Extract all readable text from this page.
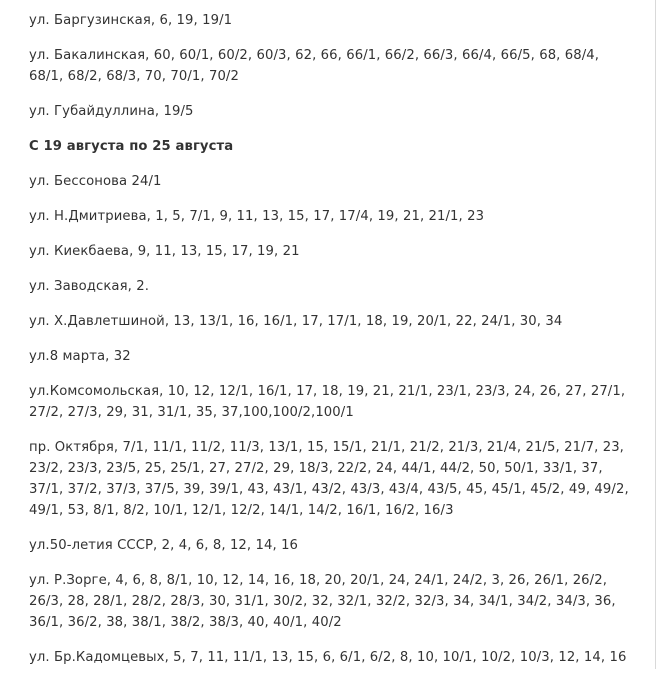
ул. Баргузинская, 6, 19, 19/1

ул. Бакалинская, 60, 60/1, 60/2, 60/3, 62, 66, 66/1, 66/2, 66/3, 66/4, 66/5, 68, 68/4, 68/1, 68/2, 68/3, 70, 70/1, 70/2

ул. Губайдуллина, 19/5

С 19 августа по 25 августа

ул. Бессонова 24/1

ул. Н.Дмитриева, 1, 5, 7/1, 9, 11, 13, 15, 17, 17/4, 19, 21, 21/1, 23

ул. Киекбаева, 9, 11, 13, 15, 17, 19, 21

ул. Заводская, 2.

ул. Х.Давлетшиной, 13, 13/1, 16, 16/1, 17, 17/1, 18, 19, 20/1, 22, 24/1, 30, 34

ул.8 марта, 32

ул.Комсомольская, 10, 12, 12/1, 16/1, 17, 18, 19, 21, 21/1, 23/1, 23/3, 24, 26, 27, 27/1, 27/2, 27/3, 29, 31, 31/1, 35, 37,100,100/2,100/1

пр. Октября, 7/1, 11/1, 11/2, 11/3, 13/1, 15, 15/1, 21/1, 21/2, 21/3, 21/4, 21/5, 21/7, 23, 23/2, 23/3, 23/5, 25, 25/1, 27, 27/2, 29, 18/3, 22/2, 24, 44/1, 44/2, 50, 50/1, 33/1, 37, 37/1, 37/2, 37/3, 37/5, 39, 39/1, 43, 43/1, 43/2, 43/3, 43/4, 43/5, 45, 45/1, 45/2, 49, 49/2, 49/1, 53, 8/1, 8/2, 10/1, 12/1, 12/2, 14/1, 14/2, 16/1, 16/2, 16/3

ул.50-летия СССР, 2, 4, 6, 8, 12, 14, 16

ул. Р.Зорге, 4, 6, 8, 8/1, 10, 12, 14, 16, 18, 20, 20/1, 24, 24/1, 24/2, 3, 26, 26/1, 26/2, 26/3, 28, 28/1, 28/2, 28/3, 30, 31/1, 30/2, 32, 32/1, 32/2, 32/3, 34, 34/1, 34/2, 34/3, 36, 36/1, 36/2, 38, 38/1, 38/2, 38/3, 40, 40/1, 40/2

ул. Бр.Кадомцевых, 5, 7, 11, 11/1, 13, 15, 6, 6/1, 6/2, 8, 10, 10/1, 10/2, 10/3, 12, 14, 16
